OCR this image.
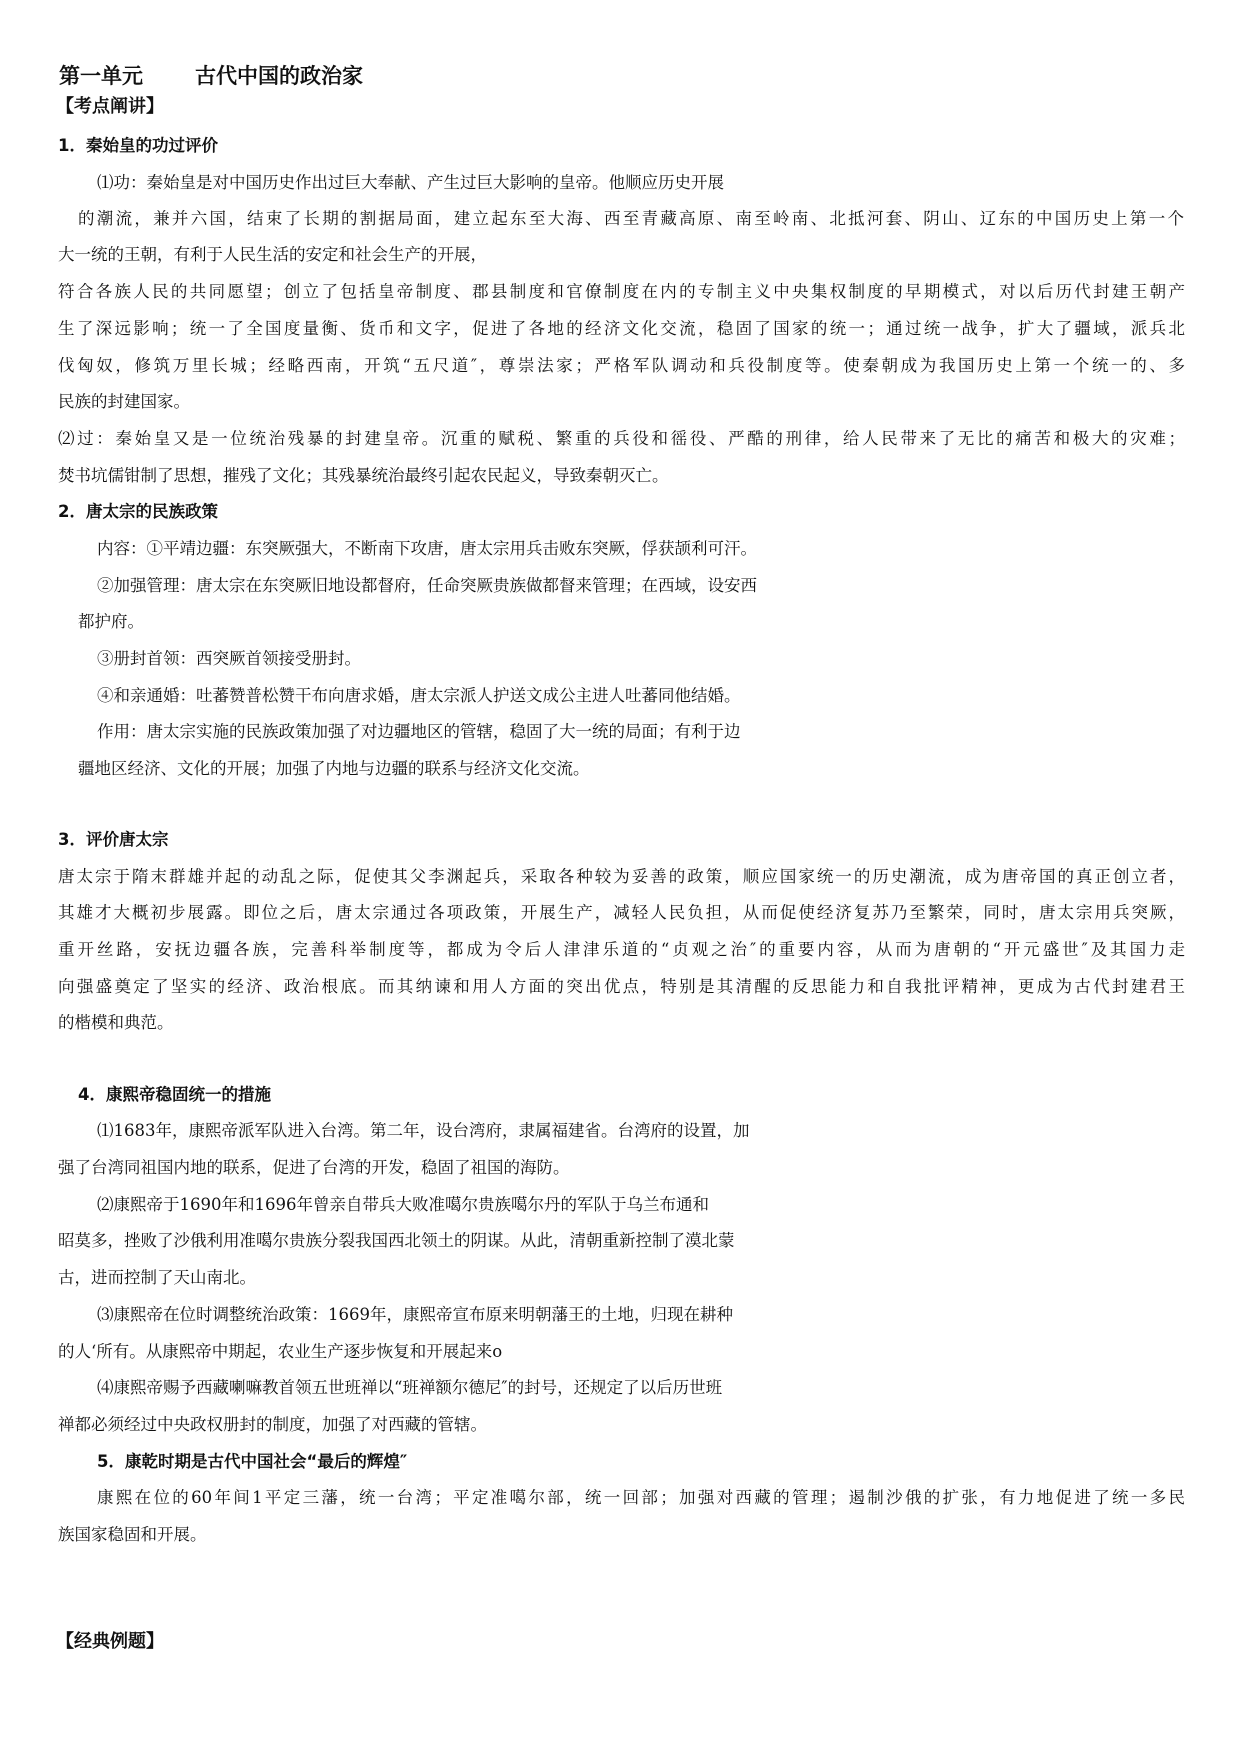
第一单元 古代中国的政治家
【考点阐讲】
1．秦始皇的功过评价
⑴功：秦始皇是对中国历史作出过巨大奉献、产生过巨大影响的皇帝。他顺应历史开展
的潮流，兼并六国，结束了长期的割据局面，建立起东至大海、西至青藏高原、南至岭南、北抵河套、阴山、辽东的中国历史上第一个
大一统的王朝，有利于人民生活的安定和社会生产的开展，
符合各族人民的共同愿望；创立了包括皇帝制度、郡县制度和官僚制度在内的专制主义中央集权制度的早期模式，对以后历代封建王朝产
生了深远影响；统一了全国度量衡、货币和文字，促进了各地的经济文化交流，稳固了国家的统一；通过统一战争，扩大了疆域，派兵北
伐匈奴，修筑万里长城；经略西南，开筑“五尺道″，尊崇法家；严格军队调动和兵役制度等。使秦朝成为我国历史上第一个统一的、多
民族的封建国家。
⑵过：秦始皇又是一位统治残暴的封建皇帝。沉重的赋税、繁重的兵役和徭役、严酷的刑律，给人民带来了无比的痛苦和极大的灾难；
焚书坑儒钳制了思想，摧残了文化；其残暴统治最终引起农民起义，导致秦朝灭亡。
2．唐太宗的民族政策
内容：①平靖边疆：东突厥强大，不断南下攻唐，唐太宗用兵击败东突厥，俘获颉利可汗。
②加强管理：唐太宗在东突厥旧地设都督府，任命突厥贵族做都督来管理；在西域，设安西
都护府。
③册封首领：西突厥首领接受册封。
④和亲通婚：吐蕃赞普松赞干布向唐求婚，唐太宗派人护送文成公主进人吐蕃同他结婚。
作用：唐太宗实施的民族政策加强了对边疆地区的管辖，稳固了大一统的局面；有利于边
疆地区经济、文化的开展；加强了内地与边疆的联系与经济文化交流。
3．评价唐太宗
唐太宗于隋末群雄并起的动乱之际，促使其父李渊起兵，采取各种较为妥善的政策，顺应国家统一的历史潮流，成为唐帝国的真正创立者，
其雄才大概初步展露。即位之后，唐太宗通过各项政策，开展生产，减轻人民负担，从而促使经济复苏乃至繁荣，同时，唐太宗用兵突厥，
重开丝路，安抚边疆各族，完善科举制度等，都成为令后人津津乐道的“贞观之治″的重要内容，从而为唐朝的“开元盛世″及其国力走
向强盛奠定了坚实的经济、政治根底。而其纳谏和用人方面的突出优点，特别是其清醒的反思能力和自我批评精神，更成为古代封建君王
的楷模和典范。
4．康熙帝稳固统一的措施
⑴1683年，康熙帝派军队进入台湾。第二年，设台湾府，隶属福建省。台湾府的设置，加
强了台湾同祖国内地的联系，促进了台湾的开发，稳固了祖国的海防。
⑵康熙帝于1690年和1696年曾亲自带兵大败准噶尔贵族噶尔丹的军队于乌兰布通和
昭莫多，挫败了沙俄利用准噶尔贵族分裂我国西北领土的阴谋。从此，清朝重新控制了漠北蒙
古，进而控制了天山南北。
⑶康熙帝在位时调整统治政策：1669年，康熙帝宣布原来明朝藩王的土地，归现在耕种
的人‘所有。从康熙帝中期起，农业生产逐步恢复和开展起来o
⑷康熙帝赐予西藏喇嘛教首领五世班禅以“班禅额尔德尼″的封号，还规定了以后历世班
禅都必须经过中央政权册封的制度，加强了对西藏的管辖。
5．康乾时期是古代中国社会“最后的辉煌″
康熙在位的60年间1平定三藩，统一台湾；平定准噶尔部，统一回部；加强对西藏的管理；遏制沙俄的扩张，有力地促进了统一多民
族国家稳固和开展。
【经典例题】
